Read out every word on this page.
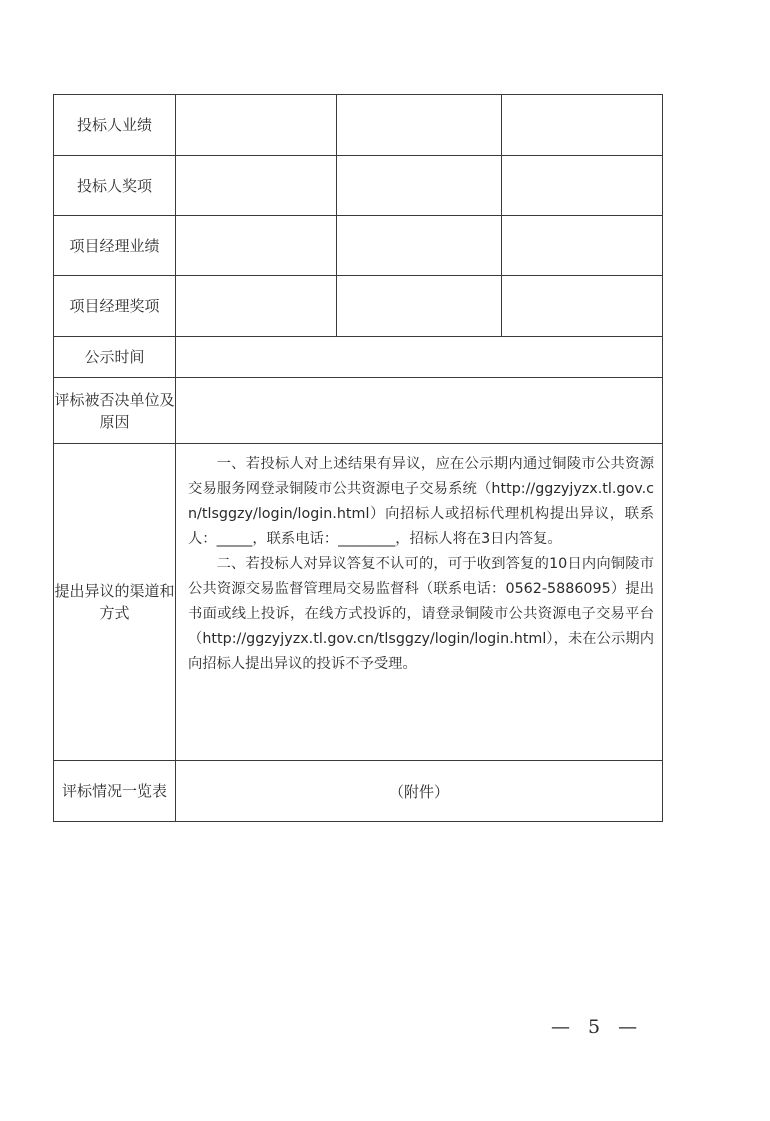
投标人业绩			
投标人奖项			
项目经理业绩			
项目经理奖项			
公示时间			
评标被否决单位及原因			
提出异议的渠道和方式	一、若投标人对上述结果有异议，应在公示期内通过铜陵市公共资源交易服务网登录铜陵市公共资源电子交易系统（http://ggzyjyzx.tl.gov.cn/tlsggzy/login/login.html）向招标人或招标代理机构提出异议，联系人：_____，联系电话：________，招标人将在3日内答复。

二、若投标人对异议答复不认可的，可于收到答复的10日内向铜陵市公共资源交易监督管理局交易监督科（联系电话：0562-5886095）提出书面或线上投诉，在线方式投诉的，请登录铜陵市公共资源电子交易平台（http://ggzyjyzx.tl.gov.cn/tlsggzy/login/login.html），未在公示期内向招标人提出异议的投诉不予受理。		

评标情况一览表	（附件）		
— 5 —
